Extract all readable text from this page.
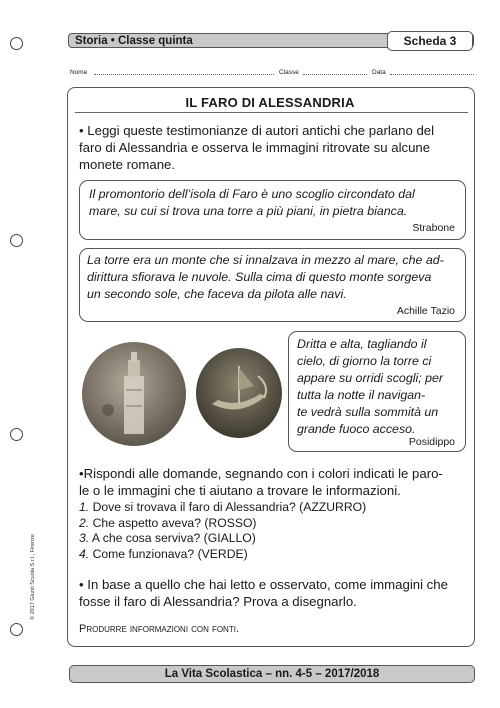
Storia • Classe quinta	Scheda 3
Nome	Classe	Data
IL FARO DI ALESSANDRIA
• Leggi queste testimonianze di autori antichi che parlano del
faro di Alessandria e osserva le immagini ritrovate su alcune
monete romane.
Il promontorio dell’isola di Faro è uno scoglio circondato dal
mare, su cui si trova una torre a più piani, in pietra bianca.
Strabone
La torre era un monte che si innalzava in mezzo al mare, che ad-
dirittura sfiorava le nuvole. Sulla cima di questo monte sorgeva
un secondo sole, che faceva da pilota alle navi.
Achille Tazio
Dritta e alta, tagliando il
cielo, di giorno la torre ci
appare su orridi scogli; per
tutta la notte il navigan-
te vedrà sulla sommità un
grande fuoco acceso.
Posidippo
•Rispondi alle domande, segnando con i colori indicati le paro-
le o le immagini che ti aiutano a trovare le informazioni.
1. Dove si trovava il faro di Alessandria? (AZZURRO)
2. Che aspetto aveva? (ROSSO)
3. A che cosa serviva? (GIALLO)
4. Come funzionava? (VERDE)
• In base a quello che hai letto e osservato, come immagini che
fosse il faro di Alessandria? Prova a disegnarlo.
Produrre informazioni con fonti.
© 2017 Giunti Scuola S.r.l., Firenze
La Vita Scolastica – nn. 4-5 – 2017/2018
